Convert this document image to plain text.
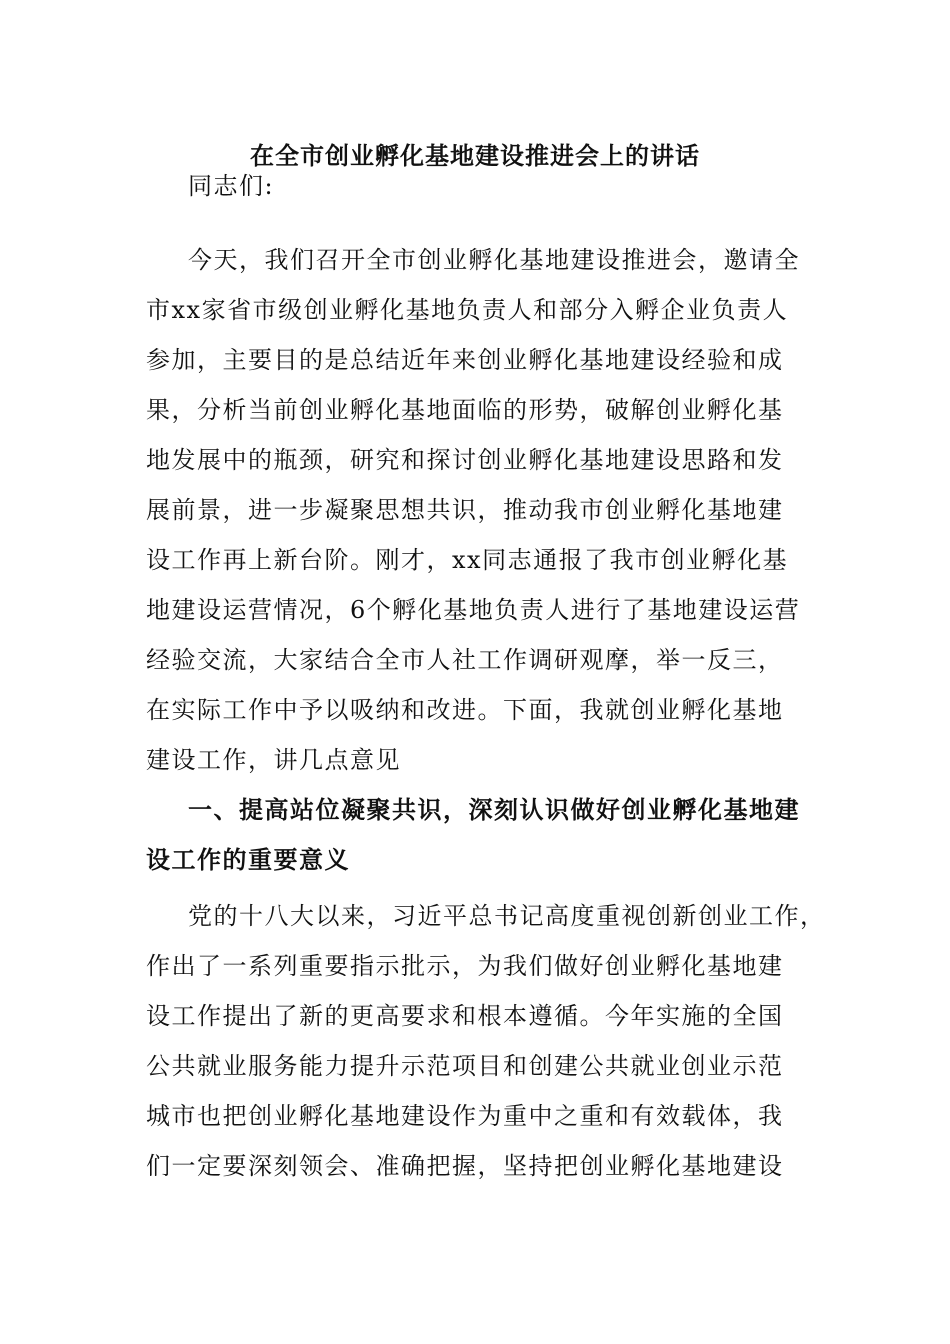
在全市创业孵化基地建设推进会上的讲话
同志们:
今天，我们召开全市创业孵化基地建设推进会，邀请全
市xx家省市级创业孵化基地负责人和部分入孵企业负责人
参加，主要目的是总结近年来创业孵化基地建设经验和成
果，分析当前创业孵化基地面临的形势，破解创业孵化基
地发展中的瓶颈，研究和探讨创业孵化基地建设思路和发
展前景，进一步凝聚思想共识，推动我市创业孵化基地建
设工作再上新台阶。刚才，xx同志通报了我市创业孵化基
地建设运营情况，6个孵化基地负责人进行了基地建设运营
经验交流，大家结合全市人社工作调研观摩，举一反三，
在实际工作中予以吸纳和改进。下面，我就创业孵化基地
建设工作，讲几点意见
一、提高站位凝聚共识，深刻认识做好创业孵化基地建
设工作的重要意义
党的十八大以来，习近平总书记高度重视创新创业工作，
作出了一系列重要指示批示，为我们做好创业孵化基地建
设工作提出了新的更高要求和根本遵循。今年实施的全国
公共就业服务能力提升示范项目和创建公共就业创业示范
城市也把创业孵化基地建设作为重中之重和有效载体，我
们一定要深刻领会、准确把握，坚持把创业孵化基地建设
